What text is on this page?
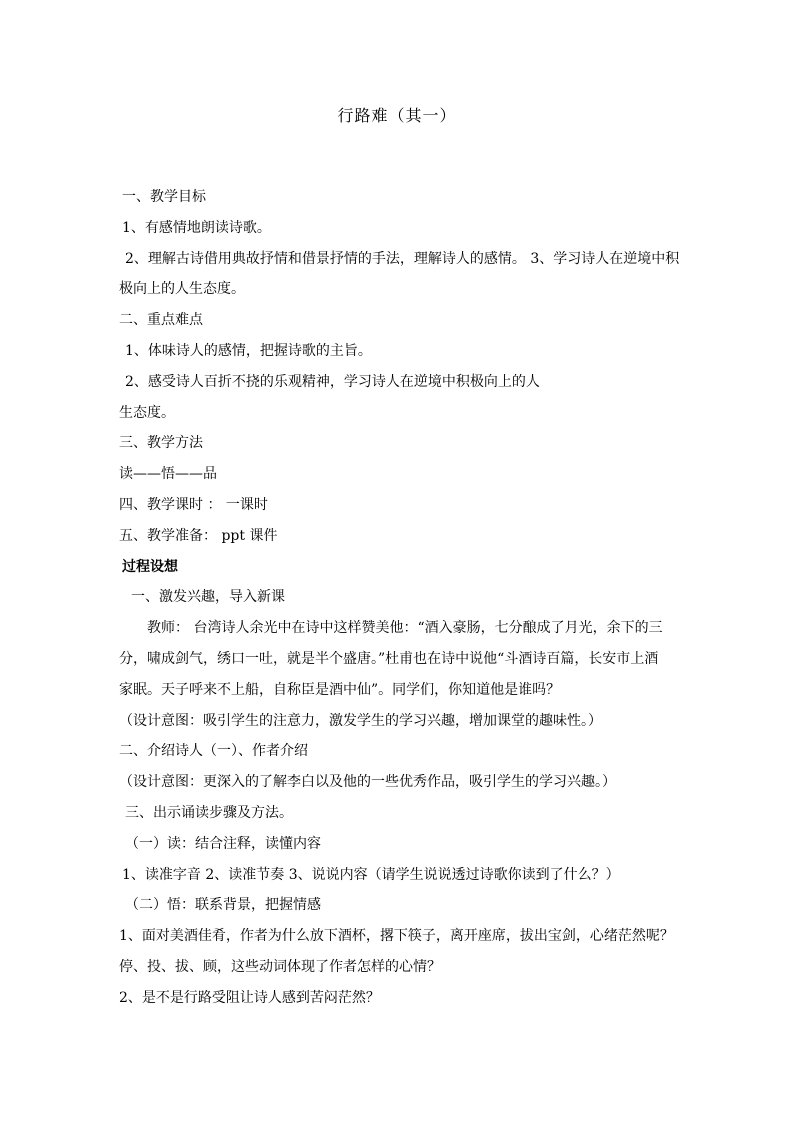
行路难（其一）
一、教学目标
1、有感情地朗读诗歌。
2、理解古诗借用典故抒情和借景抒情的手法，理解诗人的感情。 3、学习诗人在逆境中积
极向上的人生态度。
二、重点难点
1、体味诗人的感情，把握诗歌的主旨。
2、感受诗人百折不挠的乐观精神，学习诗人在逆境中积极向上的人
生态度。
三、教学方法
读——悟——品
四、教学课时 ： 一课时
五、教学准备： ppt 课件
过程设想
一、激发兴趣，导入新课
教师： 台湾诗人余光中在诗中这样赞美他：“酒入豪肠，七分酿成了月光，余下的三
分，啸成剑气，绣口一吐，就是半个盛唐。”杜甫也在诗中说他“斗酒诗百篇，长安市上酒
家眠。天子呼来不上船，自称臣是酒中仙”。同学们，你知道他是谁吗？
（设计意图：吸引学生的注意力，激发学生的学习兴趣，增加课堂的趣味性。）
二、介绍诗人（一）、作者介绍
（设计意图：更深入的了解李白以及他的一些优秀作品，吸引学生的学习兴趣。）
三、出示诵读步骤及方法。
（一）读：结合注释，读懂内容
1、读准字音 2、读准节奏 3、说说内容（请学生说说透过诗歌你读到了什么？）
（二）悟：联系背景，把握情感
1、面对美酒佳肴，作者为什么放下酒杯，撂下筷子，离开座席，拔出宝剑，心绪茫然呢？
停、投、拔、顾，这些动词体现了作者怎样的心情？
2、是不是行路受阻让诗人感到苦闷茫然？
